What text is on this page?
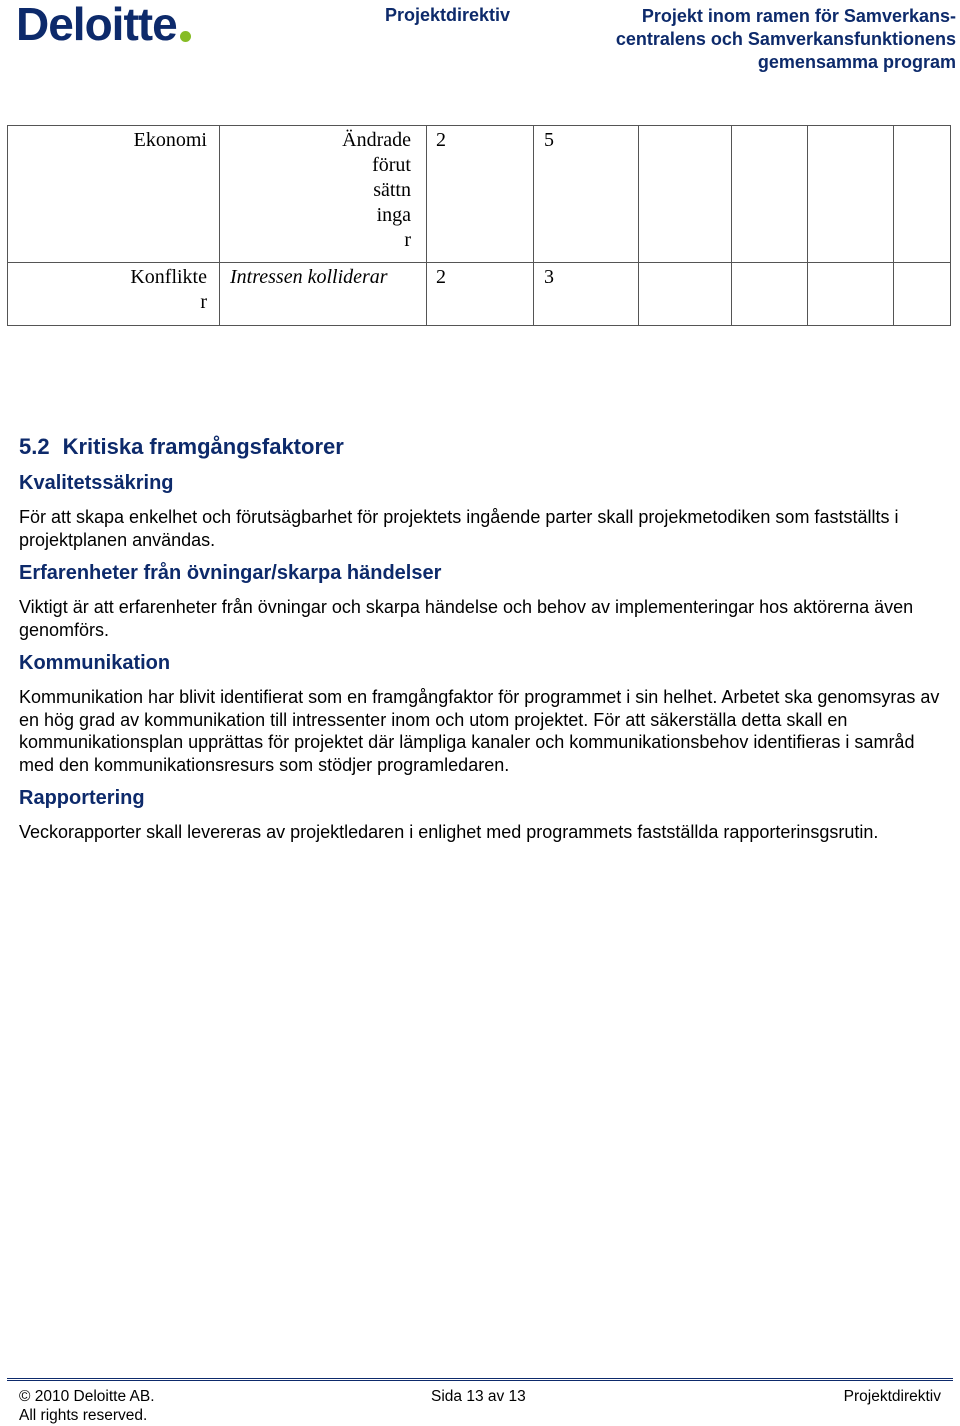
Deloitte	Projektdirektiv	Projekt inom ramen för Samverkans-
centralens och Samverkansfunktionens
gemensamma program
Ekonomi	Ändrade
förut
sättn
inga
r	2	5				

Konflikte
r	Intressen kolliderar	2	3				
5.2 Kritiska framgångsfaktorer
Kvalitetssäkring
För att skapa enkelhet och förutsägbarhet för projektets ingående parter skall projekmetodiken som fastställts i projektplanen användas.
Erfarenheter från övningar/skarpa händelser
Viktigt är att erfarenheter från övningar och skarpa händelse och behov av implementeringar hos aktörerna även genomförs.
Kommunikation
Kommunikation har blivit identifierat som en framgångfaktor för programmet i sin helhet. Arbetet ska genomsyras av en hög grad av kommunikation till intressenter inom och utom projektet. För att säkerställa detta skall en kommunikationsplan upprättas för projektet där lämpliga kanaler och kommunikationsbehov identifieras i samråd med den kommunikationsresurs som stödjer programledaren.
Rapportering
Veckorapporter skall levereras av projektledaren i enlighet med programmets fastställda rapporterinsgsrutin.
© 2010 Deloitte AB.
All rights reserved.
Sida 13 av 13	Projektdirektiv
